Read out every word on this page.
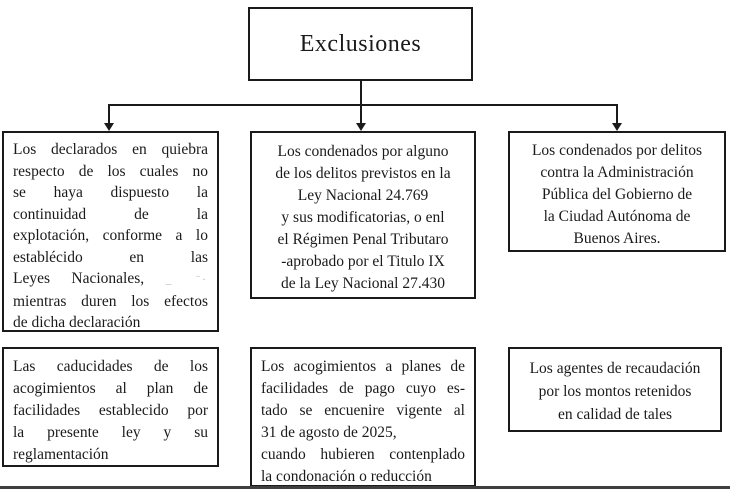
Exclusiones
Los declarados en quiebra
respecto de los cuales no
se haya dispuesto la
continuidad de la
explotación, conforme a lo
establécido en las
Leyes Nacionales, _ ¨·
mientras duren los efectos
de dicha declaración
Los condenados por alguno
de los delitos previstos en la
Ley Nacional 24.769
y sus modificatorias, o enl
el Régimen Penal Tributaro
-aprobado por el Titulo IX
de la Ley Nacional 27.430
Los condenados por delitos
contra la Administración
Pública del Gobierno de
la Ciudad Autónoma de
Buenos Aires.
Las caducidades de los
acogimientos al plan de
facilidades establecido por
la presente ley y su
reglamentación
Los acogimientos a planes de
facilidades de pago cuyo es-
tado se encuenire vigente al
31 de agosto de 2025,
cuando hubieren contenplado
la condonación o reducción
Los agentes de recaudación
por los montos retenidos
en calidad de tales
